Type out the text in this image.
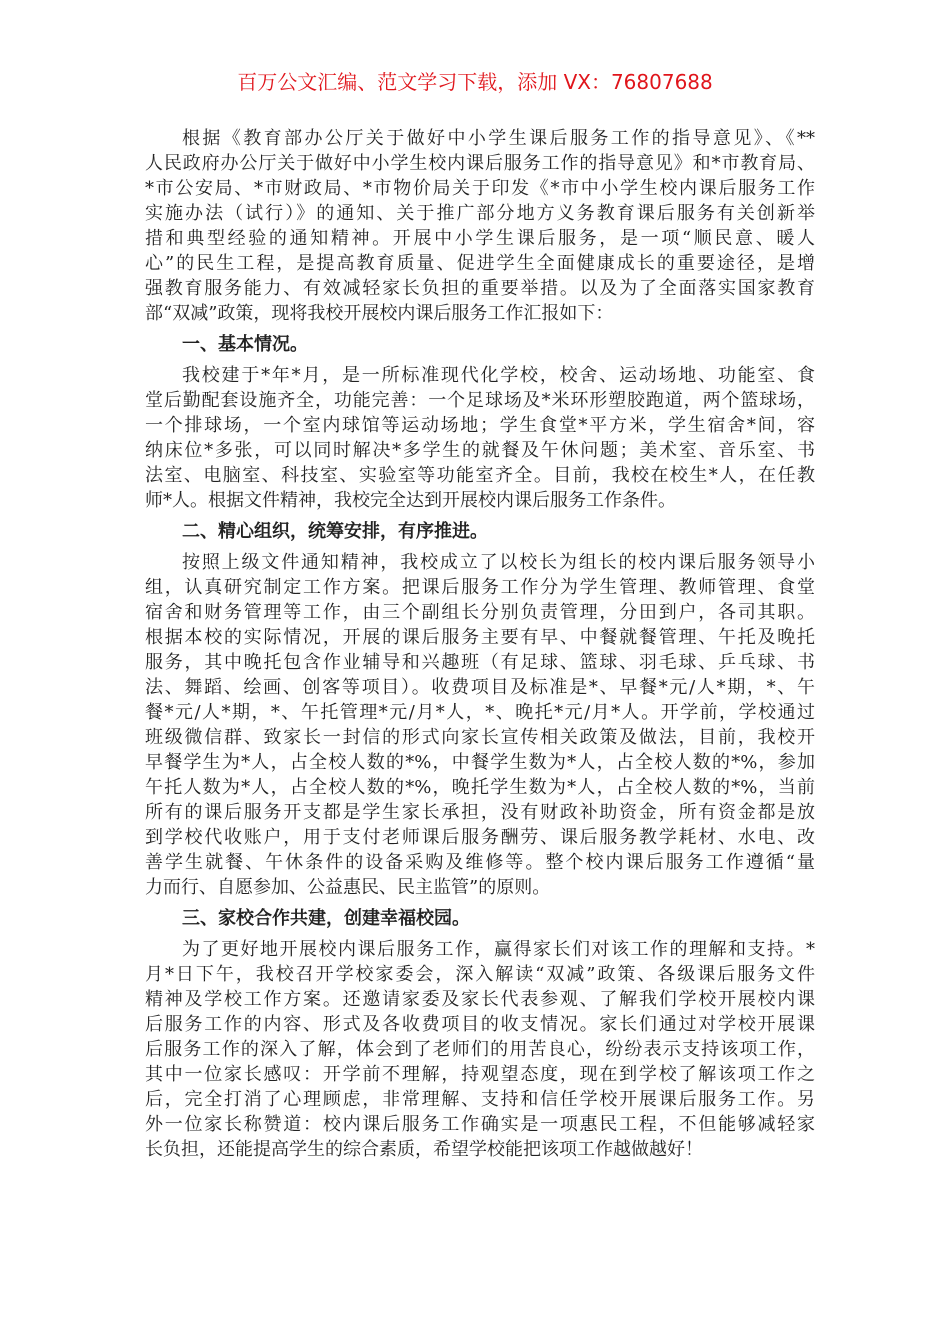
百万公文汇编、范文学习下载，添加 VX：76807688
根据《教育部办公厅关于做好中小学生课后服务工作的指导意见》、《**
人民政府办公厅关于做好中小学生校内课后服务工作的指导意见》和*市教育局、
*市公安局、*市财政局、*市物价局关于印发《*市中小学生校内课后服务工作
实施办法（试行）》的通知、关于推广部分地方义务教育课后服务有关创新举
措和典型经验的通知精神。开展中小学生课后服务，是一项“顺民意、暖人
心”的民生工程，是提高教育质量、促进学生全面健康成长的重要途径，是增
强教育服务能力、有效减轻家长负担的重要举措。以及为了全面落实国家教育
部“双减”政策，现将我校开展校内课后服务工作汇报如下：
一、基本情况。
我校建于*年*月，是一所标准现代化学校，校舍、运动场地、功能室、食
堂后勤配套设施齐全，功能完善：一个足球场及*米环形塑胶跑道，两个篮球场，
一个排球场，一个室内球馆等运动场地；学生食堂*平方米，学生宿舍*间，容
纳床位*多张，可以同时解决*多学生的就餐及午休问题；美术室、音乐室、书
法室、电脑室、科技室、实验室等功能室齐全。目前，我校在校生*人，在任教
师*人。根据文件精神，我校完全达到开展校内课后服务工作条件。
二、精心组织，统筹安排，有序推进。
按照上级文件通知精神，我校成立了以校长为组长的校内课后服务领导小
组，认真研究制定工作方案。把课后服务工作分为学生管理、教师管理、食堂
宿舍和财务管理等工作，由三个副组长分别负责管理，分田到户，各司其职。
根据本校的实际情况，开展的课后服务主要有早、中餐就餐管理、午托及晚托
服务，其中晚托包含作业辅导和兴趣班（有足球、篮球、羽毛球、乒乓球、书
法、舞蹈、绘画、创客等项目）。收费项目及标准是*、早餐*元/人*期，*、午
餐*元/人*期，*、午托管理*元/月*人，*、晚托*元/月*人。开学前，学校通过
班级微信群、致家长一封信的形式向家长宣传相关政策及做法，目前，我校开
早餐学生为*人，占全校人数的*%，中餐学生数为*人，占全校人数的*%，参加
午托人数为*人，占全校人数的*%，晚托学生数为*人，占全校人数的*%，当前
所有的课后服务开支都是学生家长承担，没有财政补助资金，所有资金都是放
到学校代收账户，用于支付老师课后服务酬劳、课后服务教学耗材、水电、改
善学生就餐、午休条件的设备采购及维修等。整个校内课后服务工作遵循“量
力而行、自愿参加、公益惠民、民主监管”的原则。
三、家校合作共建，创建幸福校园。
为了更好地开展校内课后服务工作，赢得家长们对该工作的理解和支持。*
月*日下午，我校召开学校家委会，深入解读“双减”政策、各级课后服务文件
精神及学校工作方案。还邀请家委及家长代表参观、了解我们学校开展校内课
后服务工作的内容、形式及各收费项目的收支情况。家长们通过对学校开展课
后服务工作的深入了解，体会到了老师们的用苦良心，纷纷表示支持该项工作，
其中一位家长感叹：开学前不理解，持观望态度，现在到学校了解该项工作之
后，完全打消了心理顾虑，非常理解、支持和信任学校开展课后服务工作。另
外一位家长称赞道：校内课后服务工作确实是一项惠民工程，不但能够减轻家
长负担，还能提高学生的综合素质，希望学校能把该项工作越做越好！
